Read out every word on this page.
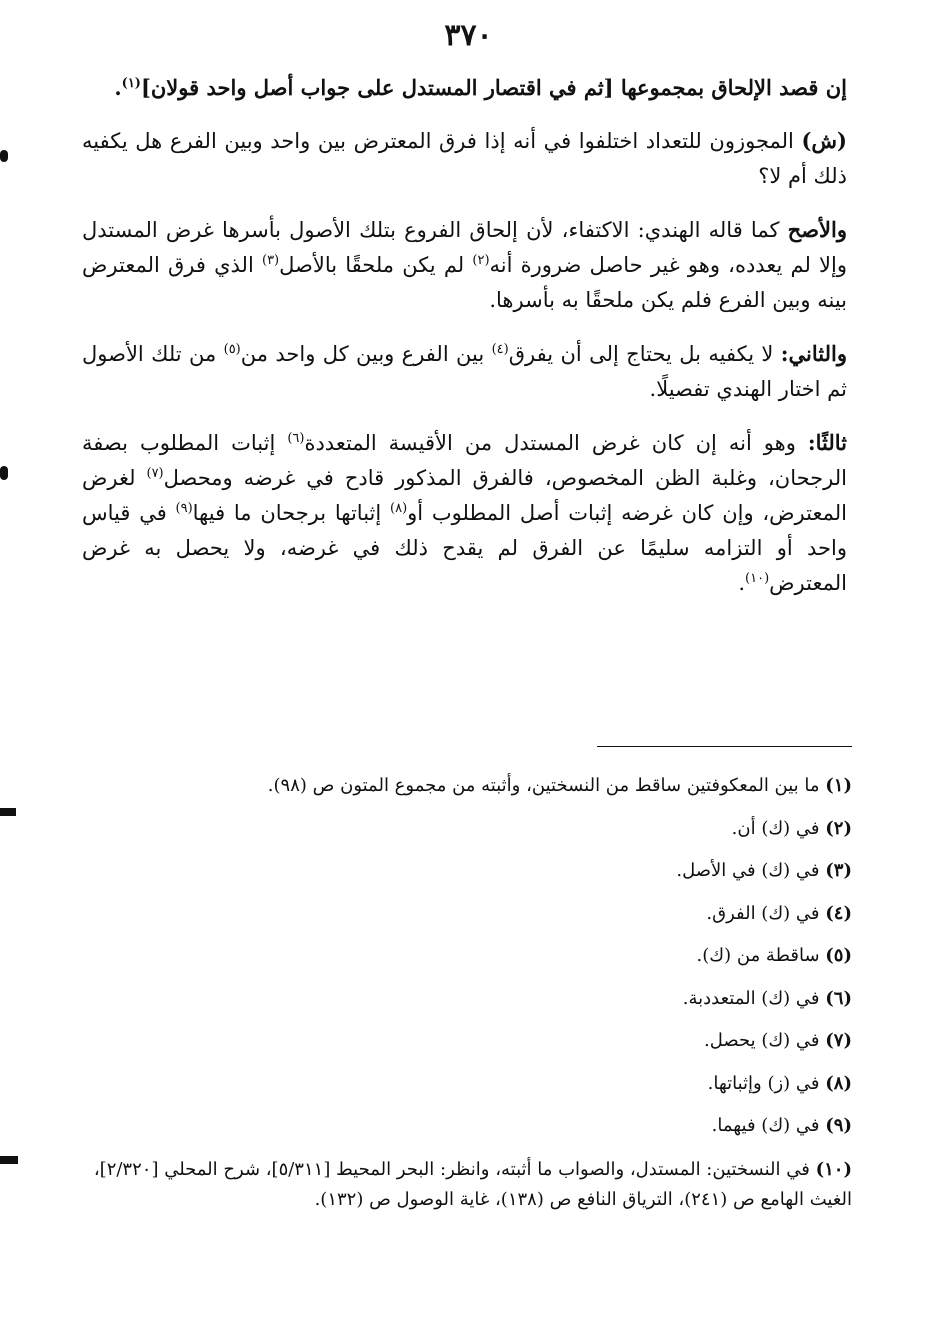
٣٧٠

إن قصد الإلحاق بمجموعها [ثم في اقتصار المستدل على جواب أصل واحد قولان]$^{(١)}$.

(ش) المجوزون للتعداد اختلفوا في أنه إذا فرق المعترض بين واحد وبين الفرع هل يكفيه ذلك أم لا؟

والأصح كما قاله الهندي: الاكتفاء، لأن إلحاق الفروع بتلك الأصول بأسرها غرض المستدل وإلا لم يعدده، وهو غير حاصل ضرورة أنه$^{(٢)}$ لم يكن ملحقًا بالأصل$^{(٣)}$ الذي فرق المعترض بينه وبين الفرع فلم يكن ملحقًا به بأسرها.

والثاني: لا يكفيه بل يحتاج إلى أن يفرق$^{(٤)}$ بين الفرع وبين كل واحد من$^{(٥)}$ من تلك الأصول ثم اختار الهندي تفصيلًا.

ثالثًا: وهو أنه إن كان غرض المستدل من الأقيسة المتعددة$^{(٦)}$ إثبات المطلوب بصفة الرجحان، وغلبة الظن المخصوص، فالفرق المذكور قادح في غرضه ومحصل$^{(٧)}$ لغرض المعترض، وإن كان غرضه إثبات أصل المطلوب أو$^{(٨)}$ إثباتها برجحان ما فيها$^{(٩)}$ في قياس واحد أو التزامه سليمًا عن الفرق لم يقدح ذلك في غرضه، ولا يحصل به غرض المعترض$^{(١٠)}$.

(١) ما بين المعكوفتين ساقط من النسختين، وأثبته من مجموع المتون ص (٩٨).
(٢) في (ك) أن.
(٣) في (ك) في الأصل.
(٤) في (ك) الفرق.
(٥) ساقطة من (ك).
(٦) في (ك) المتعددبة.
(٧) في (ك) يحصل.
(٨) في (ز) وإثباتها.
(٩) في (ك) فيهما.
(١٠) في النسختين: المستدل، والصواب ما أثبته، وانظر: البحر المحيط [٥/٣١١]، شرح المحلي [٢/٣٢٠]، الغيث الهامع ص (٢٤١)، الترياق النافع ص (١٣٨)، غاية الوصول ص (١٣٢).
